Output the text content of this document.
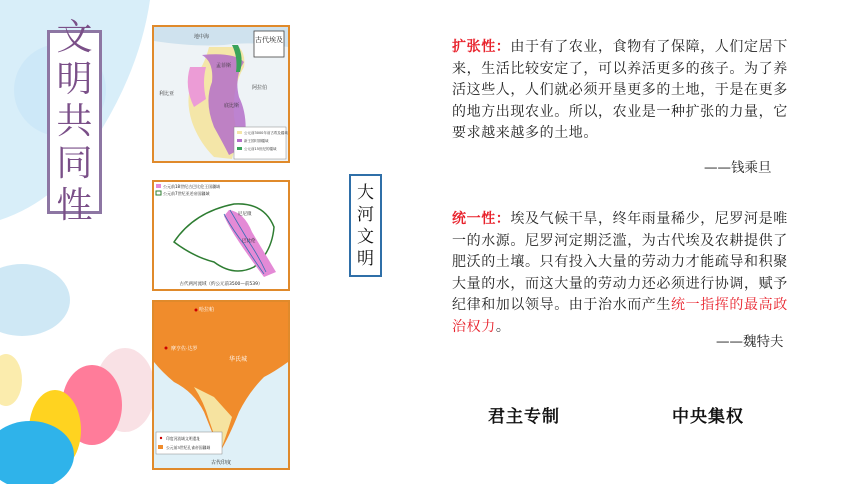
文
明
共
同
性
古代埃及
地中海
利比亚
阿拉伯
底比斯
孟菲斯
公元前3000年前古埃及疆域
新王国时期疆域
公元前15世纪的疆域
公元前18世纪古巴比伦王国疆域
公元前7世纪亚述帝国疆域
尼尼微
巴比伦
古代两河流域（约公元前3500—前539）
哈拉帕
摩亨佐·达罗
华氏城
印度河流域文明遗址
公元前3世纪孔雀帝国疆域
古代印度
大
河
文
明
扩张性：由于有了农业，食物有了保障，人们定居下来，生活比较安定了，可以养活更多的孩子。为了养活这些人，人们就必须开垦更多的土地，于是在更多的地方出现农业。所以，农业是一种扩张的力量，它要求越来越多的土地。
——钱乘旦
统一性：埃及气候干旱，终年雨量稀少，尼罗河是唯一的水源。尼罗河定期泛滥，为古代埃及农耕提供了肥沃的土壤。只有投入大量的劳动力才能疏导和积聚大量的水，而这大量的劳动力还必须进行协调，赋予纪律和加以领导。由于治水而产生统一指挥的最高政治权力。
——魏特夫
君主专制	中央集权
